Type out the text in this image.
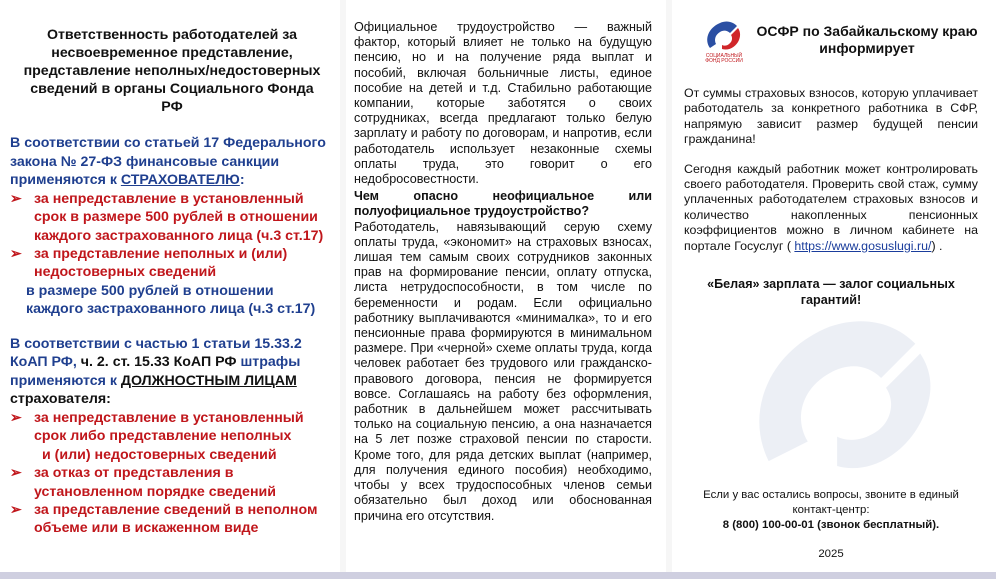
Ответственность работодателей за несвоевременное представление, представление неполных/недостоверных сведений в органы Социального Фонда РФ
В соответствии со статьей 17 Федерального закона № 27-ФЗ финансовые санкции применяются к СТРАХОВАТЕЛЮ:
➢ за непредставление в установленный срок в размере 500 рублей в отношении каждого застрахованного лица (ч.3 ст.17)
➢ за представление неполных и (или) недостоверных сведений
в размере 500 рублей в отношении каждого застрахованного лица (ч.3 ст.17)
В соответствии с частью 1 статьи 15.33.2 КоАП РФ, ч. 2. ст. 15.33 КоАП РФ штрафы применяются к ДОЛЖНОСТНЫМ ЛИЦАМ страхователя:
➢ за непредставление в установленный срок либо представление неполных
и (или) недостоверных сведений
➢ за отказ от представления в установленном порядке сведений
➢ за представление сведений в неполном объеме или в искаженном виде
Официальное трудоустройство — важный фактор, который влияет не только на будущую пенсию, но и на получение ряда выплат и пособий, включая больничные листы, единое пособие на детей и т.д. Стабильно работающие компании, которые заботятся о своих сотрудниках, всегда предлагают только белую зарплату и работу по договорам, и напротив, если работодатель использует незаконные схемы оплаты труда, это говорит о его недобросовестности.
Чем опасно неофициальное или полуофициальное трудоустройство?
Работодатель, навязывающий серую схему оплаты труда, «экономит» на страховых взносах, лишая тем самым своих сотрудников законных прав на формирование пенсии, оплату отпуска, листа нетрудоспособности, в том числе по беременности и родам. Если официально работнику выплачиваются «минималка», то и его пенсионные права формируются в минимальном размере. При «черной» схеме оплаты труда, когда человек работает без трудового или гражданско-правового договора, пенсия не формируется вовсе. Соглашаясь на работу без оформления, работник в дальнейшем может рассчитывать только на социальную пенсию, а она назначается на 5 лет позже страховой пенсии по старости. Кроме того, для ряда детских выплат (например, для получения единого пособия) необходимо, чтобы у всех трудоспособных членов семьи обязательно был доход или обоснованная причина его отсутствия.
СОЦИАЛЬНЫЙ ФОНД РОССИИ
ОСФР по Забайкальскому краю информирует
От суммы страховых взносов, которую уплачивает работодатель за конкретного работника в СФР, напрямую зависит размер будущей пенсии гражданина!
Сегодня каждый работник может контролировать своего работодателя. Проверить свой стаж, сумму уплаченных работодателем страховых взносов и количество накопленных пенсионных коэффициентов можно в личном кабинете на портале Госуслуг ( https://www.gosuslugi.ru/) .
«Белая» зарплата — залог социальных гарантий!
Если у вас остались вопросы, звоните в единый контакт-центр:
8 (800) 100-00-01 (звонок бесплатный).
2025
